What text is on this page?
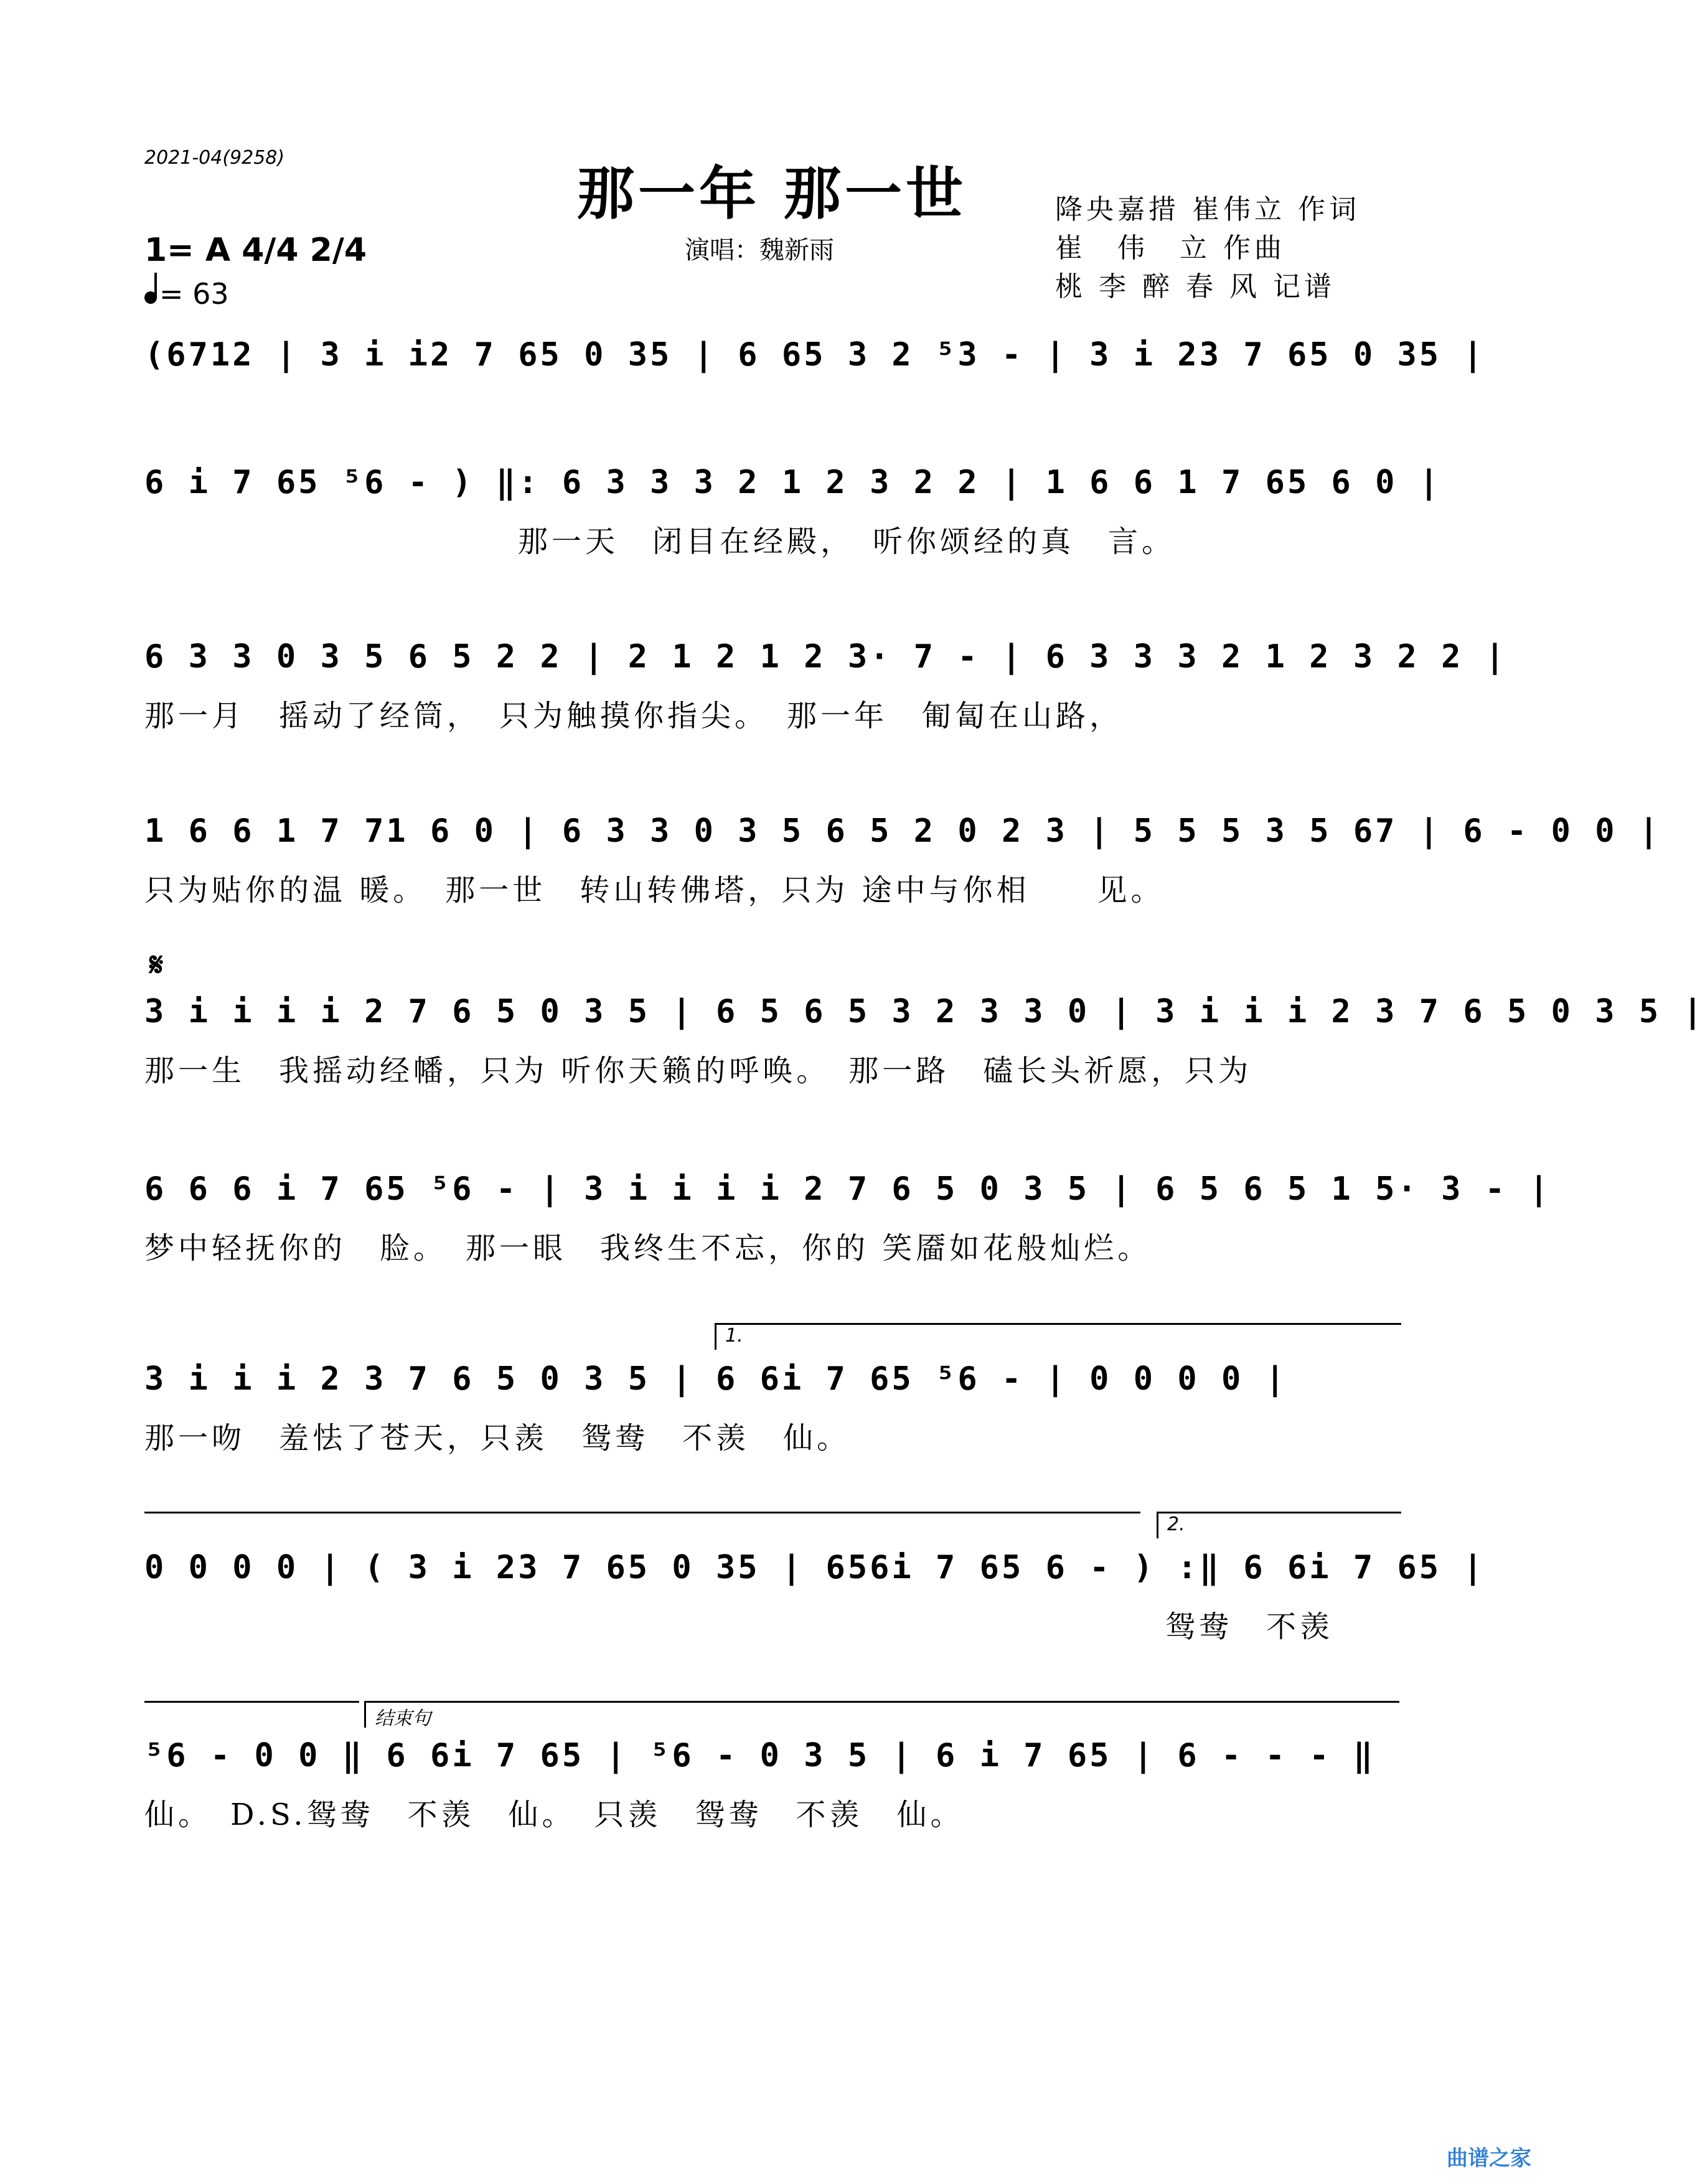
2021-04(9258)
那一年 那一世
演唱：魏新雨
降央嘉措 崔伟立 作词
崔　伟　立 作曲
桃 李 醉 春 风 记谱
1= A 4/4 2/4
= 63
(6712 | 3 i i2 7 65 0 35 | 6 65 3 2 ⁵3 - | 3 i 23 7 65 0 35 |
6 i 7 65 ⁵6 - ) ‖: 6 3 3 3 2 1 2 3 2 2 | 1 6 6 1 7 65 6 0 |
那一天　闭目在经殿，　听你颂经的真　言。
6 3 3 0 3 5 6 5 2 2 | 2 1 2 1 2 3· 7 - | 6 3 3 3 2 1 2 3 2 2 |
那一月　摇动了经筒，　只为触摸你指尖。　那一年　匍匐在山路，
1 6 6 1 7 71 6 0 | 6 3 3 0 3 5 6 5 2 0 2 3 | 5 5 5 3 5 67 | 6 - 0 0 |
只为贴你的温 暖。　那一世　转山转佛塔，只为 途中与你相　　见。
𝄋
3 i i i i 2 7 6 5 0 3 5 | 6 5 6 5 3 2 3 3 0 | 3 i i i 2 3 7 6 5 0 3 5 |
那一生　我摇动经幡，只为 听你天籁的呼唤。　那一路　磕长头祈愿，只为
6 6 6 i 7 65 ⁵6 - | 3 i i i i 2 7 6 5 0 3 5 | 6 5 6 5 1 5· 3 - |
梦中轻抚你的　脸。　那一眼　我终生不忘，你的 笑靥如花般灿烂。
1.
3 i i i 2 3 7 6 5 0 3 5 | 6 6i 7 65 ⁵6 - | 0 0 0 0 |
那一吻　羞怯了苍天，只羡　鸳鸯　不羡　仙。
2.
0 0 0 0 | ( 3 i 23 7 65 0 35 | 656i 7 65 6 - ) :‖ 6 6i 7 65 |
鸳鸯　不羡
结束句
⁵6 - 0 0 ‖ 6 6i 7 65 | ⁵6 - 0 3 5 | 6 i 7 65 | 6 - - - ‖
仙。　D.S.鸳鸯　不羡　仙。　只羡　鸳鸯　不羡　仙。
曲谱之家
